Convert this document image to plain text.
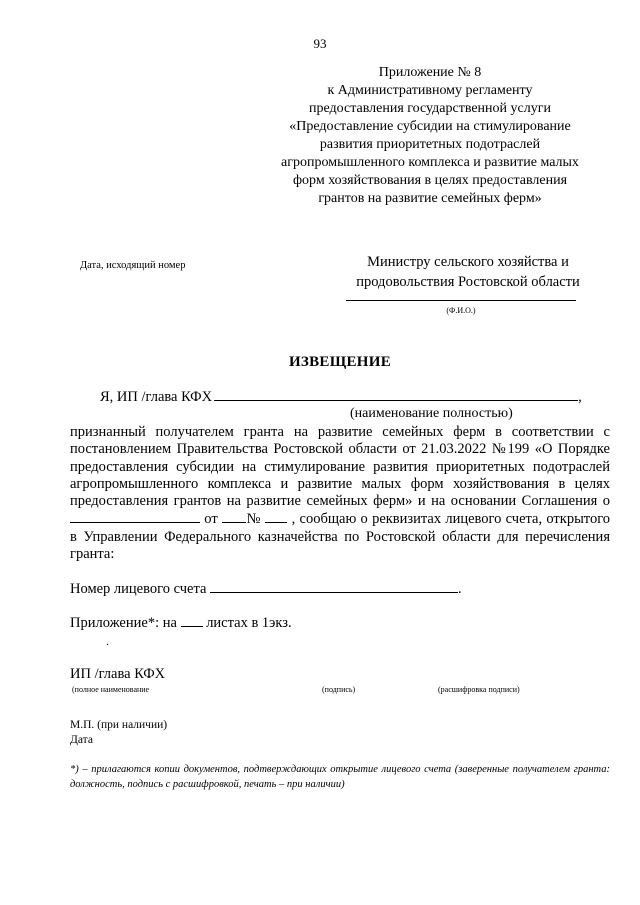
93
Приложение № 8
к Административному регламенту
предоставления государственной услуги
«Предоставление субсидии на стимулирование
развития приоритетных подотраслей
агропромышленного комплекса и развитие малых
форм хозяйствования в целях предоставления
грантов на развитие семейных ферм»
Дата, исходящий номер	Министру сельского хозяйства и
продовольствия Ростовской области
(Ф.И.О.)
ИЗВЕЩЕНИЕ
Я, ИП /глава КФХ	,
(наименование полностью)
признанный получателем гранта на развитие семейных ферм в соответствии с постановлением Правительства Ростовской области от 21.03.2022 №199 «О Порядке предоставления субсидии на стимулирование развития приоритетных подотраслей агропромышленного комплекса и развитие малых форм хозяйствования в целях предоставления грантов на развитие семейных ферм» и на основании Соглашения о  от № , сообщаю о реквизитах лицевого счета, открытого в Управлении Федерального казначейства по Ростовской области для перечисления гранта:
Номер лицевого счета	.
Приложение*: на листах в 1экз.
.
ИП /глава КФХ
(полное наименование	(подпись)	(расшифровка подписи)
М.П. (при наличии)
Дата
*) – прилагаются копии документов, подтверждающих открытие лицевого счета (заверенные получателем гранта: должность, подпись с расшифровкой, печать – при наличии)
